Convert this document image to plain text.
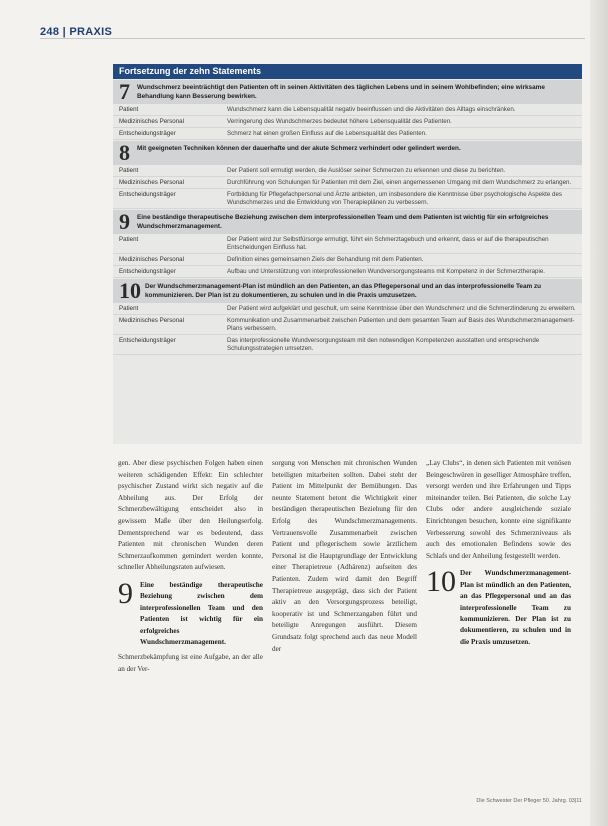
248 | PRAXIS
Fortsetzung der zehn Statements
7	Wundschmerz beeinträchtigt den Patienten oft in seinen Aktivitäten des täglichen Lebens und in seinem Wohlbefinden; eine wirksame Behandlung kann Besserung bewirken.
Patient	Wundschmerz kann die Lebensqualität negativ beeinflussen und die Aktivitäten des Alltags einschränken.
Medizinisches Personal	Verringerung des Wundschmerzes bedeutet höhere Lebensqualität des Patienten.
Entscheidungsträger	Schmerz hat einen großen Einfluss auf die Lebensqualität des Patienten.
8	Mit geeigneten Techniken können der dauerhafte und der akute Schmerz verhindert oder gelindert werden.
Patient	Der Patient soll ermutigt werden, die Auslöser seiner Schmerzen zu erkennen und diese zu berichten.
Medizinisches Personal	Durchführung von Schulungen für Patienten mit dem Ziel, einen angemessenen Umgang mit dem Wundschmerz zu erlangen.
Entscheidungsträger	Fortbildung für Pflegefachpersonal und Ärzte anbieten, um insbesondere die Kenntnisse über psychologische Aspekte des Wundschmerzes und die Entwicklung von Therapieplänen zu verbessern.
9	Eine beständige therapeutische Beziehung zwischen dem interprofessionellen Team und dem Patienten ist wichtig für ein erfolgreiches Wundschmerzmanagement.
Patient	Der Patient wird zur Selbstfürsorge ermutigt, führt ein Schmerztagebuch und erkennt, dass er auf die therapeutischen Entscheidungen Einfluss hat.
Medizinisches Personal	Definition eines gemeinsamen Ziels der Behandlung mit dem Patienten.
Entscheidungsträger	Aufbau und Unterstützung von interprofessionellen Wundversorgungsteams mit Kompetenz in der Schmerztherapie.
10 Der Wundschmerzmanagement-Plan ist mündlich an den Patienten, an das Pflegepersonal und an das interprofessionelle Team zu kommunizieren. Der Plan ist zu dokumentieren, zu schulen und in die Praxis umzusetzen.
Patient	Der Patient wird aufgeklärt und geschult, um seine Kenntnisse über den Wundschmerz und die Schmerzlinderung zu erweitern.
Medizinisches Personal	Kommunikation und Zusammenarbeit zwischen Patienten und dem gesamten Team auf Basis des Wundschmerzmanagement-Plans verbessern.
Entscheidungsträger	Das interprofessionelle Wundversorgungsteam mit den notwendigen Kompetenzen ausstatten und entsprechende Schulungsstrategien umsetzen.

gen. Aber diese psychischen Folgen haben einen weiteren schädigenden Effekt: Ein schlechter psychischer Zustand wirkt sich negativ auf die Abheilung aus. Der Erfolg der Schmerzbewältigung entscheidet also in gewissem Maße über den Heilungserfolg. Dementsprechend war es bedeutend, dass Patienten mit chronischen Wunden deren Schmerzaufkommen gemindert werden konnte, schneller Abheilungsraten aufwiesen.

9 Eine beständige therapeutische Beziehung zwischen dem interprofessionellen Team und den Patienten ist wichtig für ein erfolgreiches Wundschmerzmanagement.

Schmerzbekämpfung ist eine Aufgabe, an der alle an der Ver-

sorgung von Menschen mit chronischen Wunden beteiligten mitarbeiten sollten. Dabei steht der Patient im Mittelpunkt der Bemühungen. Das neunte Statement betont die Wichtigkeit einer beständigen therapeutischen Beziehung für den Erfolg des Wundschmerzmanagements. Vertrauensvolle Zusammenarbeit zwischen Patient und pflegerischem sowie ärztlichem Personal ist die Hauptgrundlage der Entwicklung einer Therapietreue (Adhärenz) aufseiten des Patienten. Zudem wird damit den Begriff Therapietreue ausgeprägt, dass sich der Patient aktiv an den Versorgungsprozess beteiligt, kooperativ ist und Schmerzangaben führt und beteiligte Anregungen ausführt. Diesem Grundsatz folgt sprechend auch das neue Modell der

„Lay Clubs“, in denen sich Patienten mit venösen Beingeschwüren in geselliger Atmosphäre treffen, versorgt werden und ihre Erfahrungen und Tipps miteinander teilen. Bei Patienten, die solche Lay Clubs oder andere ausgleichende soziale Einrichtungen besuchen, konnte eine signifikante Verbesserung sowohl des Schmerzniveaus als auch des emotionalen Befindens sowie des Schlafs und der Anheilung festgestellt werden.

10 Der Wundschmerzmanagement-Plan ist mündlich an den Patienten, an das Pflegepersonal und an das interprofessionelle Team zu kommunizieren. Der Plan ist zu dokumentieren, zu schulen und in die Praxis umzusetzen.
Die Schwester Der Pfleger 50. Jahrg. 03|11
